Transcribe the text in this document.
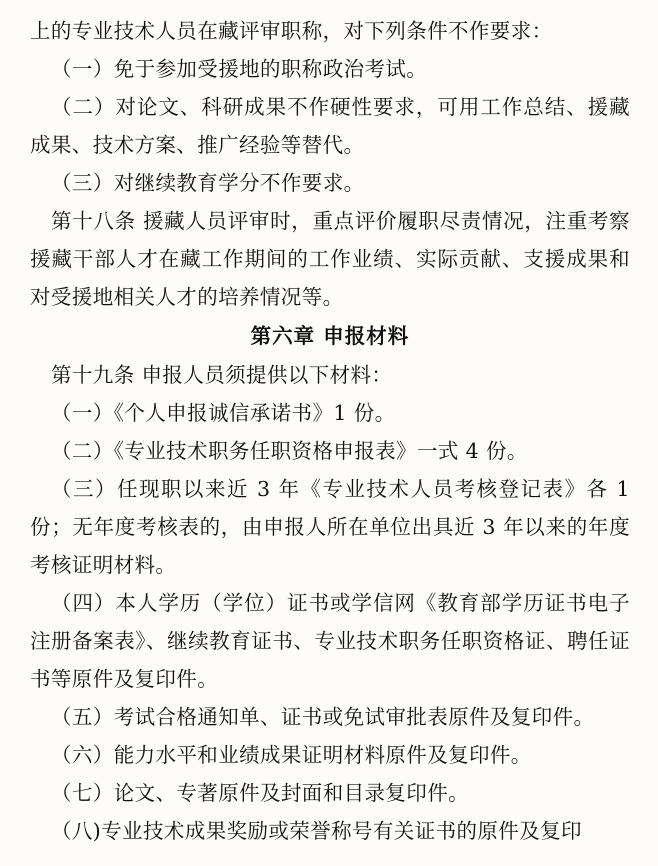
上的专业技术人员在藏评审职称，对下列条件不作要求：

（一）免于参加受援地的职称政治考试。

（二）对论文、科研成果不作硬性要求，可用工作总结、援藏成果、技术方案、推广经验等替代。

（三）对继续教育学分不作要求。

第十八条 援藏人员评审时，重点评价履职尽责情况，注重考察援藏干部人才在藏工作期间的工作业绩、实际贡献、支援成果和对受援地相关人才的培养情况等。

第六章 申报材料

第十九条 申报人员须提供以下材料：

（一）《个人申报诚信承诺书》1 份。

（二）《专业技术职务任职资格申报表》一式 4 份。

（三）任现职以来近 3 年《专业技术人员考核登记表》各 1 份；无年度考核表的，由申报人所在单位出具近 3 年以来的年度考核证明材料。

（四）本人学历（学位）证书或学信网《教育部学历证书电子注册备案表》、继续教育证书、专业技术职务任职资格证、聘任证书等原件及复印件。

（五）考试合格通知单、证书或免试审批表原件及复印件。

（六）能力水平和业绩成果证明材料原件及复印件。

（七）论文、专著原件及封面和目录复印件。

（八)专业技术成果奖励或荣誉称号有关证书的原件及复印
